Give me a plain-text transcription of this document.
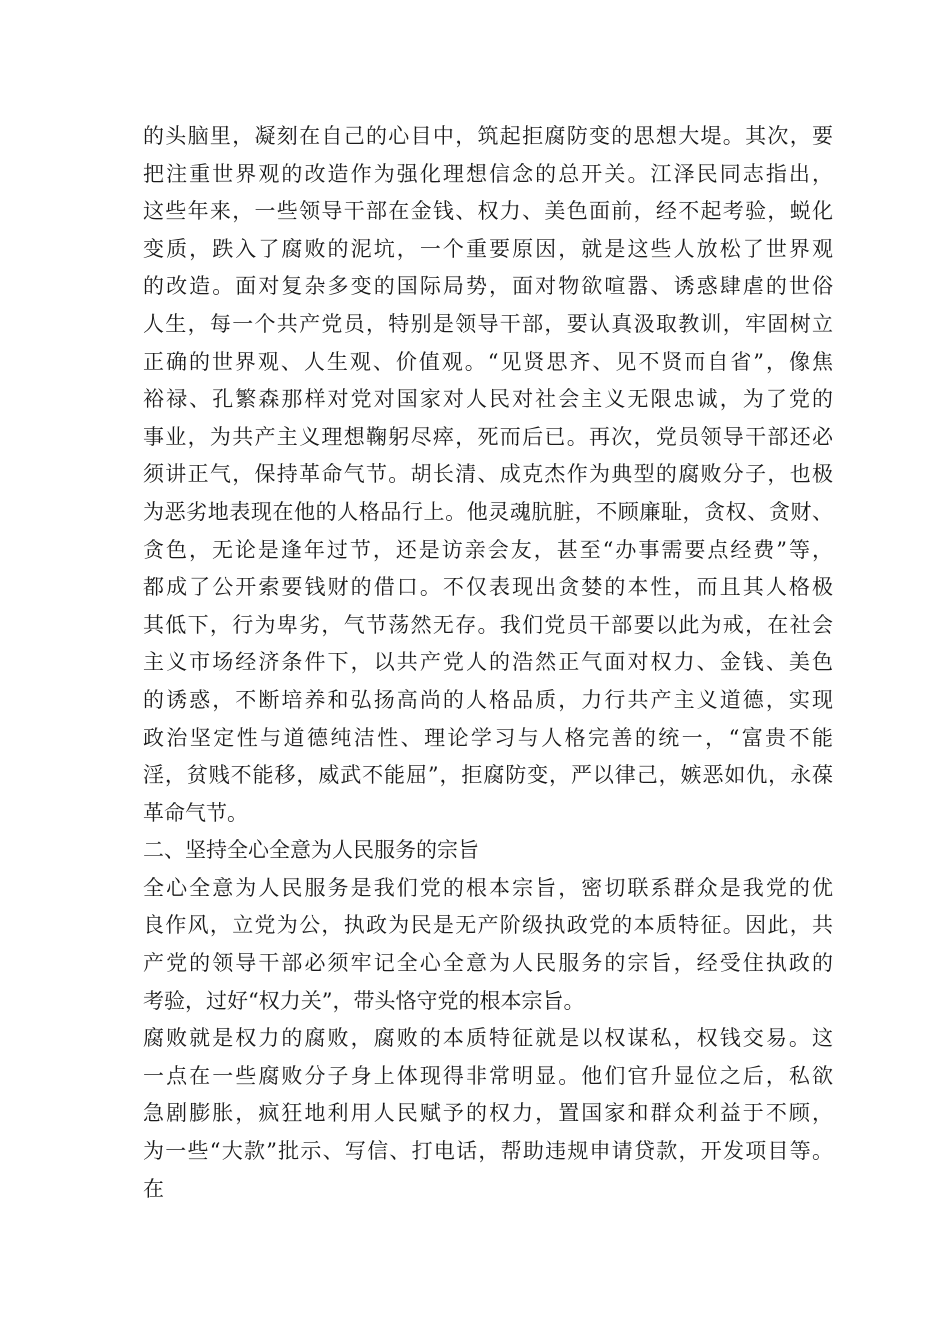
的头脑里，凝刻在自己的心目中，筑起拒腐防变的思想大堤。其次，要
把注重世界观的改造作为强化理想信念的总开关。江泽民同志指出，
这些年来，一些领导干部在金钱、权力、美色面前，经不起考验，蜕化
变质，跌入了腐败的泥坑，一个重要原因，就是这些人放松了世界观
的改造。面对复杂多变的国际局势，面对物欲喧嚣、诱惑肆虐的世俗
人生，每一个共产党员，特别是领导干部，要认真汲取教训，牢固树立
正确的世界观、人生观、价值观。“见贤思齐、见不贤而自省”，像焦
裕禄、孔繁森那样对党对国家对人民对社会主义无限忠诚，为了党的
事业，为共产主义理想鞠躬尽瘁，死而后已。再次，党员领导干部还必
须讲正气，保持革命气节。胡长清、成克杰作为典型的腐败分子，也极
为恶劣地表现在他的人格品行上。他灵魂肮脏，不顾廉耻，贪权、贪财、
贪色，无论是逢年过节，还是访亲会友，甚至“办事需要点经费”等，
都成了公开索要钱财的借口。不仅表现出贪婪的本性，而且其人格极
其低下，行为卑劣，气节荡然无存。我们党员干部要以此为戒，在社会
主义市场经济条件下，以共产党人的浩然正气面对权力、金钱、美色
的诱惑，不断培养和弘扬高尚的人格品质，力行共产主义道德，实现
政治坚定性与道德纯洁性、理论学习与人格完善的统一，“富贵不能
淫，贫贱不能移，威武不能屈”，拒腐防变，严以律己，嫉恶如仇，永葆
革命气节。
二、坚持全心全意为人民服务的宗旨
全心全意为人民服务是我们党的根本宗旨，密切联系群众是我党的优
良作风，立党为公，执政为民是无产阶级执政党的本质特征。因此，共
产党的领导干部必须牢记全心全意为人民服务的宗旨，经受住执政的
考验，过好“权力关”，带头恪守党的根本宗旨。
腐败就是权力的腐败，腐败的本质特征就是以权谋私，权钱交易。这
一点在一些腐败分子身上体现得非常明显。他们官升显位之后，私欲
急剧膨胀，疯狂地利用人民赋予的权力，置国家和群众利益于不顾，
为一些“大款”批示、写信、打电话，帮助违规申请贷款，开发项目等。
在
